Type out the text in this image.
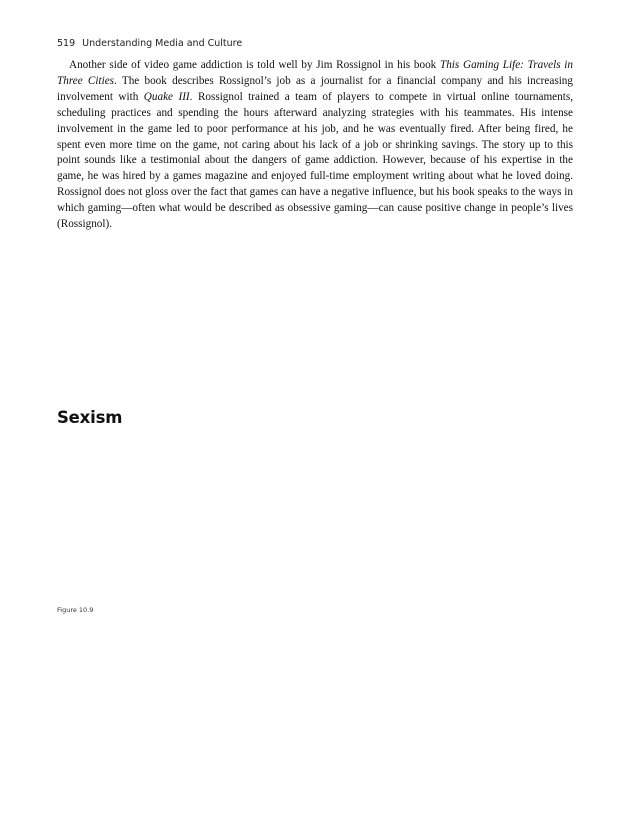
519 Understanding Media and Culture

Another side of video game addiction is told well by Jim Rossignol in his book This Gaming Life: Travels in Three Cities. The book describes Rossignol’s job as a journalist for a financial company and his increasing involvement with Quake III. Rossignol trained a team of players to compete in virtual online tournaments, scheduling practices and spending the hours afterward analyzing strategies with his teammates. His intense involvement in the game led to poor performance at his job, and he was eventually fired. After being fired, he spent even more time on the game, not caring about his lack of a job or shrinking savings. The story up to this point sounds like a testimonial about the dangers of game addiction. However, because of his expertise in the game, he was hired by a games magazine and enjoyed full-time employment writing about what he loved doing. Rossignol does not gloss over the fact that games can have a negative influence, but his book speaks to the ways in which gaming—often what would be described as obsessive gaming—can cause positive change in people’s lives (Rossignol).

Sexism
Figure 10.9
